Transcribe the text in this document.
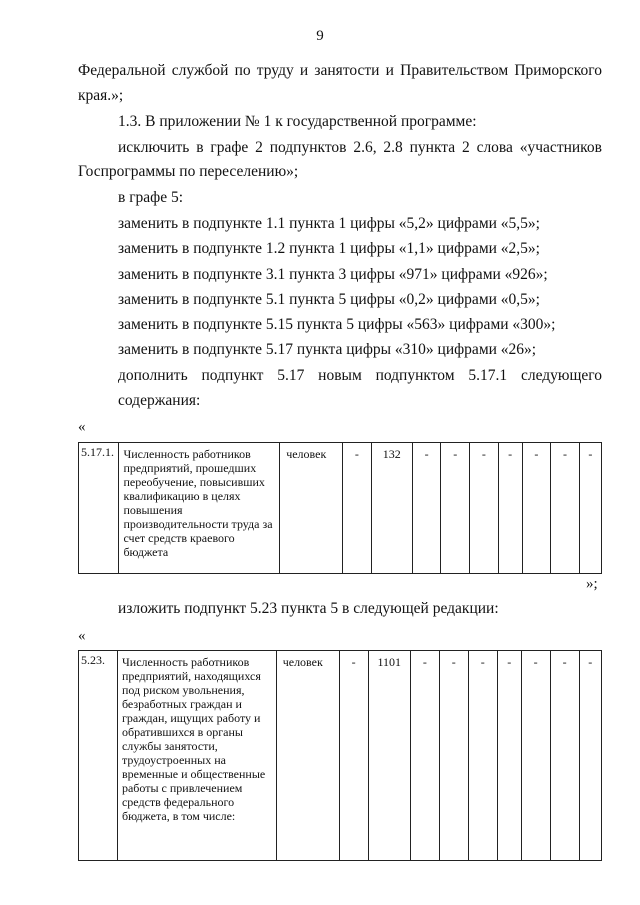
9
Федеральной службой по труду и занятости и Правительством Приморского
края.»;
1.3. В приложении № 1 к государственной программе:
исключить в графе 2 подпунктов 2.6, 2.8 пункта 2 слова «участников
Госпрограммы по переселению»;
в графе 5:
заменить в подпункте 1.1 пункта 1 цифры «5,2» цифрами «5,5»;
заменить в подпункте 1.2 пункта 1 цифры «1,1» цифрами «2,5»;
заменить в подпункте 3.1 пункта 3 цифры «971» цифрами «926»;
заменить в подпункте 5.1 пункта 5 цифры «0,2» цифрами «0,5»;
заменить в подпункте 5.15 пункта 5 цифры «563» цифрами «300»;
заменить в подпункте 5.17 пункта цифры «310» цифрами «26»;
дополнить подпункт 5.17 новым подпунктом 5.17.1 следующего
содержания:
«
5.17.1.	Численность работников предприятий, прошедших переобучение, повысивших квалификацию в целях повышения производительности труда за счет средств краевого бюджета	человек	-	132	-	-	-	-	-	-	-
»;
изложить подпункт 5.23 пункта 5 в следующей редакции:
«
5.23.	Численность работников предприятий, находящихся под риском увольнения, безработных граждан и граждан, ищущих работу и обратившихся в органы службы занятости, трудоустроенных на временные и общественные работы с привлечением средств федерального бюджета, в том числе:	человек	-	1101	-	-	-	-	-	-	-
